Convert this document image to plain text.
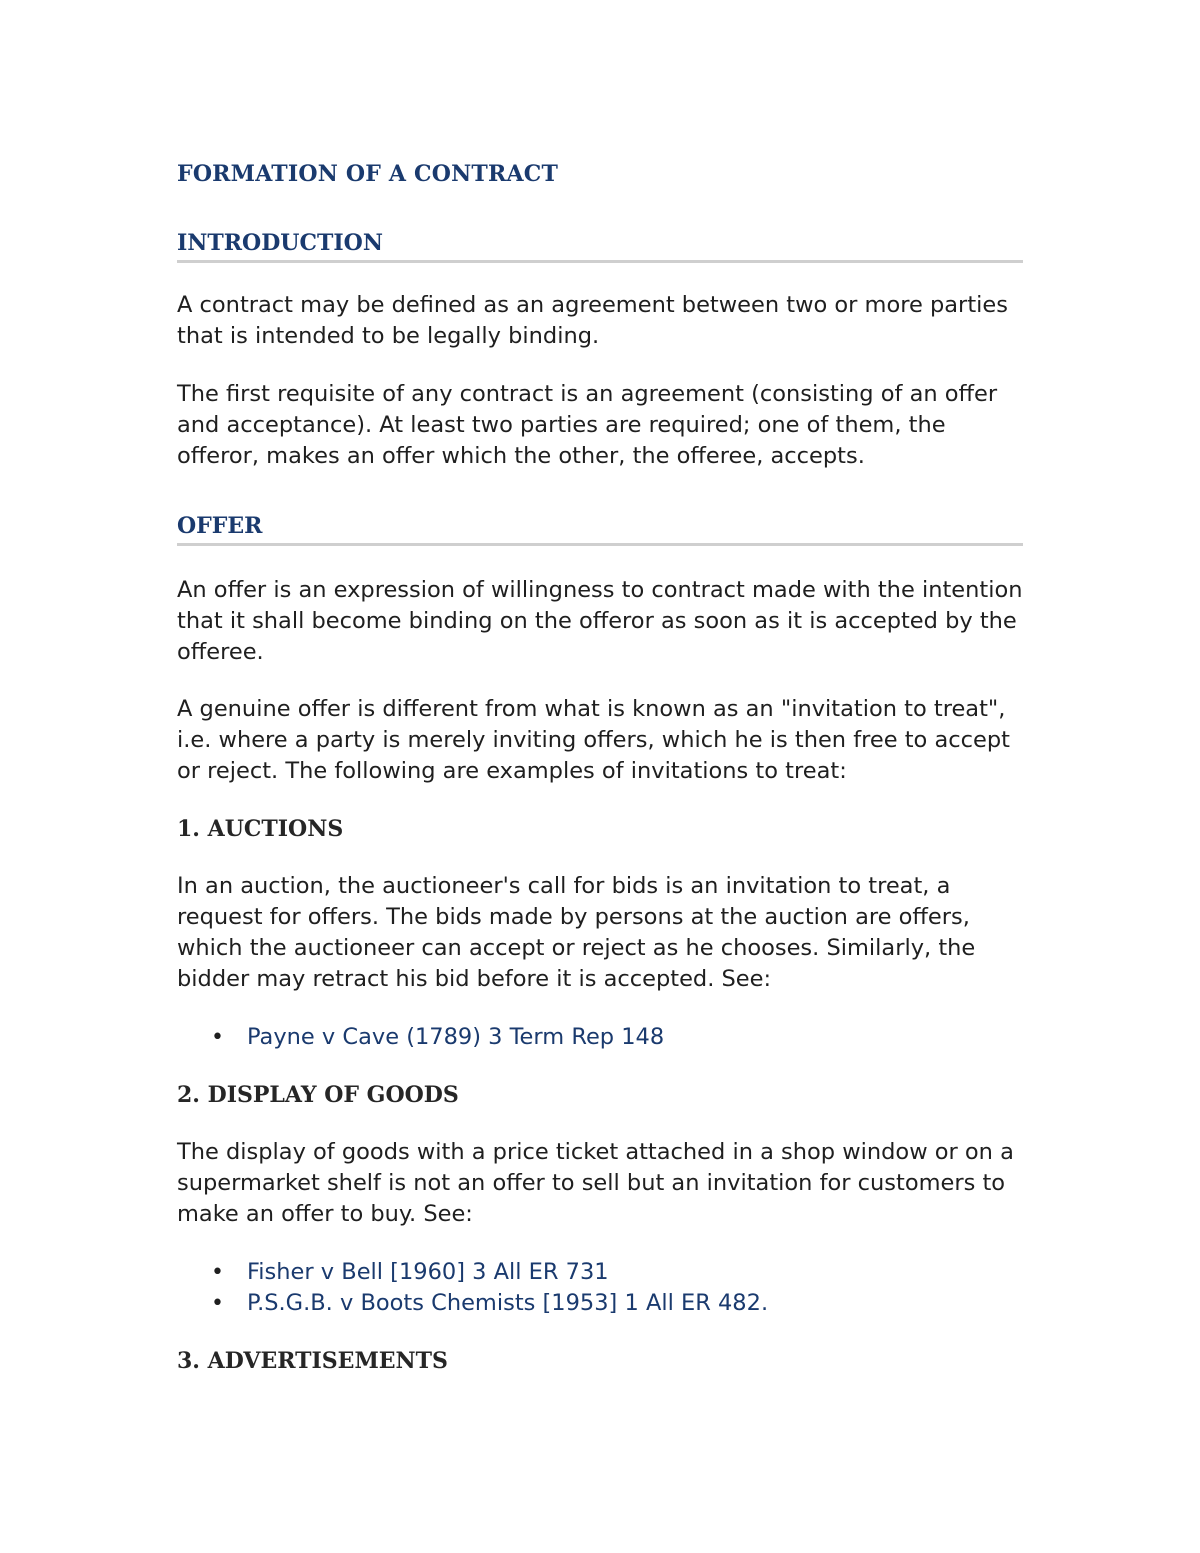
FORMATION OF A CONTRACT
INTRODUCTION

A contract may be defined as an agreement between two or more parties that is intended to be legally binding.

The first requisite of any contract is an agreement (consisting of an offer and acceptance). At least two parties are required; one of them, the offeror, makes an offer which the other, the offeree, accepts.

OFFER

An offer is an expression of willingness to contract made with the intention that it shall become binding on the offeror as soon as it is accepted by the offeree.

A genuine offer is different from what is known as an "invitation to treat", i.e. where a party is merely inviting offers, which he is then free to accept or reject. The following are examples of invitations to treat:

1. AUCTIONS

In an auction, the auctioneer's call for bids is an invitation to treat, a request for offers. The bids made by persons at the auction are offers, which the auctioneer can accept or reject as he chooses. Similarly, the bidder may retract his bid before it is accepted. See:

• Payne v Cave (1789) 3 Term Rep 148
2. DISPLAY OF GOODS

The display of goods with a price ticket attached in a shop window or on a supermarket shelf is not an offer to sell but an invitation for customers to make an offer to buy. See:

• Fisher v Bell [1960] 3 All ER 731
• P.S.G.B. v Boots Chemists [1953] 1 All ER 482.
3. ADVERTISEMENTS
